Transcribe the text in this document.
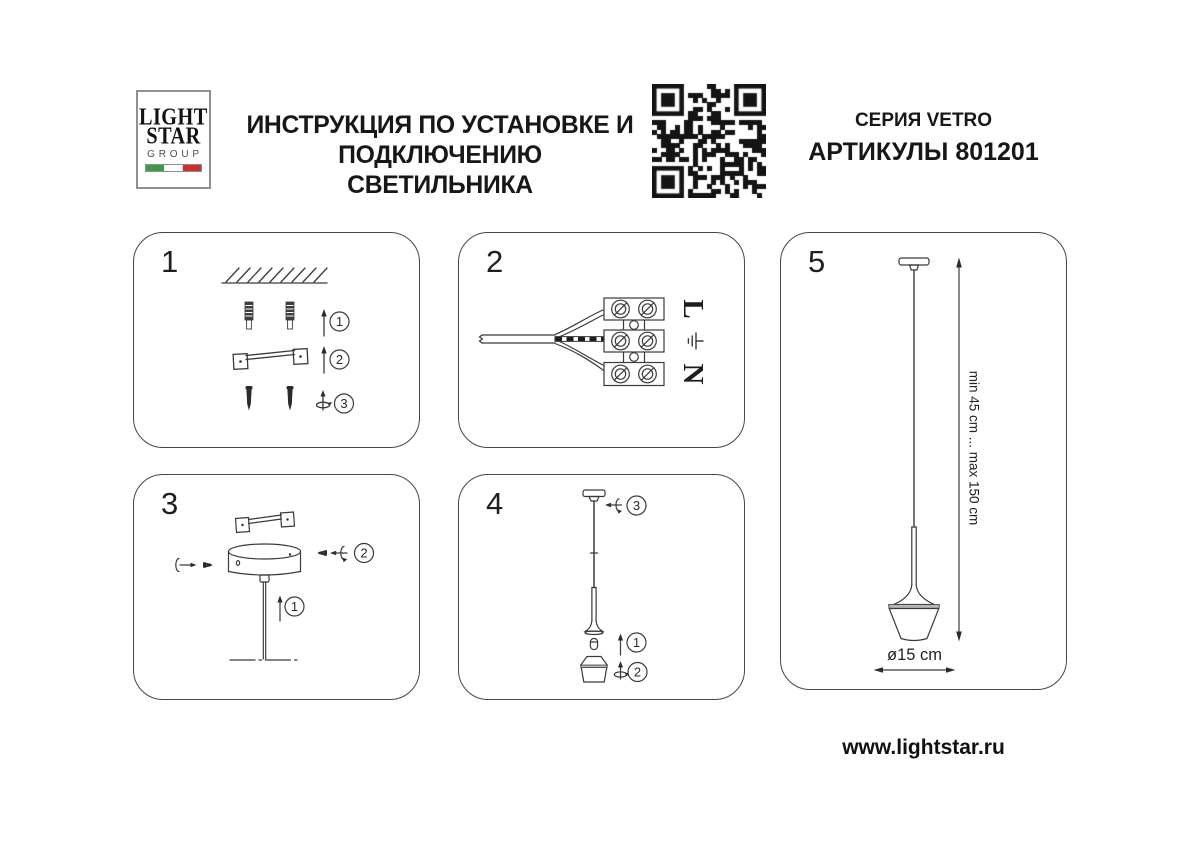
LIGHT
STAR
GROUP
ИНСТРУКЦИЯ ПО УСТАНОВКЕ И
ПОДКЛЮЧЕНИЮ СВЕТИЛЬНИКА
СЕРИЯ VETRO
АРТИКУЛЫ 801201
1
1
2
3
2
L
N
3
1
2
4
1
2
3
5
min 45 cm ... max 150 cm
ø15 cm
www.lightstar.ru
